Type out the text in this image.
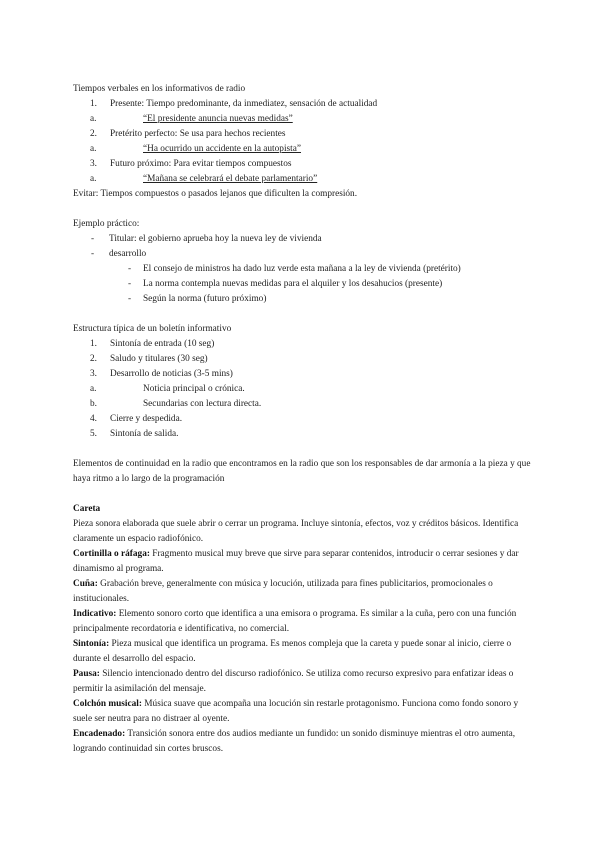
Tiempos verbales en los informativos de radio

1. Presente: Tiempo predominante, da inmediatez, sensación de actualidad
a.	“El presidente anuncia nuevas medidas”
2. Pretérito perfecto: Se usa para hechos recientes
a.	“Ha ocurrido un accidente en la autopista”
3. Futuro próximo: Para evitar tiempos compuestos
a.	“Mañana se celebrará el debate parlamentario”

Evitar: Tiempos compuestos o pasados lejanos que dificulten la compresión.

Ejemplo práctico:

- Titular: el gobierno aprueba hoy la nueva ley de vivienda
- desarrollo
- El consejo de ministros ha dado luz verde esta mañana a la ley de vivienda (pretérito)
- La norma contempla nuevas medidas para el alquiler y los desahucios (presente)
- Según la norma (futuro próximo)

Estructura típica de un boletín informativo

1. Sintonía de entrada (10 seg)
2. Saludo y titulares (30 seg)
3. Desarrollo de noticias (3-5 mins)
a.	Noticia principal o crónica.
b.	Secundarias con lectura directa.
4. Cierre y despedida.
5. Sintonía de salida.

Elementos de continuidad en la radio que encontramos en la radio que son los responsables de dar armonía a la pieza y que haya ritmo a lo largo de la programación

Careta

Pieza sonora elaborada que suele abrir o cerrar un programa. Incluye sintonía, efectos, voz y créditos básicos. Identifica claramente un espacio radiofónico.

Cortinilla o ráfaga: Fragmento musical muy breve que sirve para separar contenidos, introducir o cerrar sesiones y dar dinamismo al programa.

Cuña: Grabación breve, generalmente con música y locución, utilizada para fines publicitarios, promocionales o institucionales.

Indicativo: Elemento sonoro corto que identifica a una emisora o programa. Es similar a la cuña, pero con una función principalmente recordatoria e identificativa, no comercial.

Sintonía: Pieza musical que identifica un programa. Es menos compleja que la careta y puede sonar al inicio, cierre o durante el desarrollo del espacio.

Pausa: Silencio intencionado dentro del discurso radiofónico. Se utiliza como recurso expresivo para enfatizar ideas o permitir la asimilación del mensaje.

Colchón musical: Música suave que acompaña una locución sin restarle protagonismo. Funciona como fondo sonoro y suele ser neutra para no distraer al oyente.

Encadenado: Transición sonora entre dos audios mediante un fundido: un sonido disminuye mientras el otro aumenta, logrando continuidad sin cortes bruscos.
